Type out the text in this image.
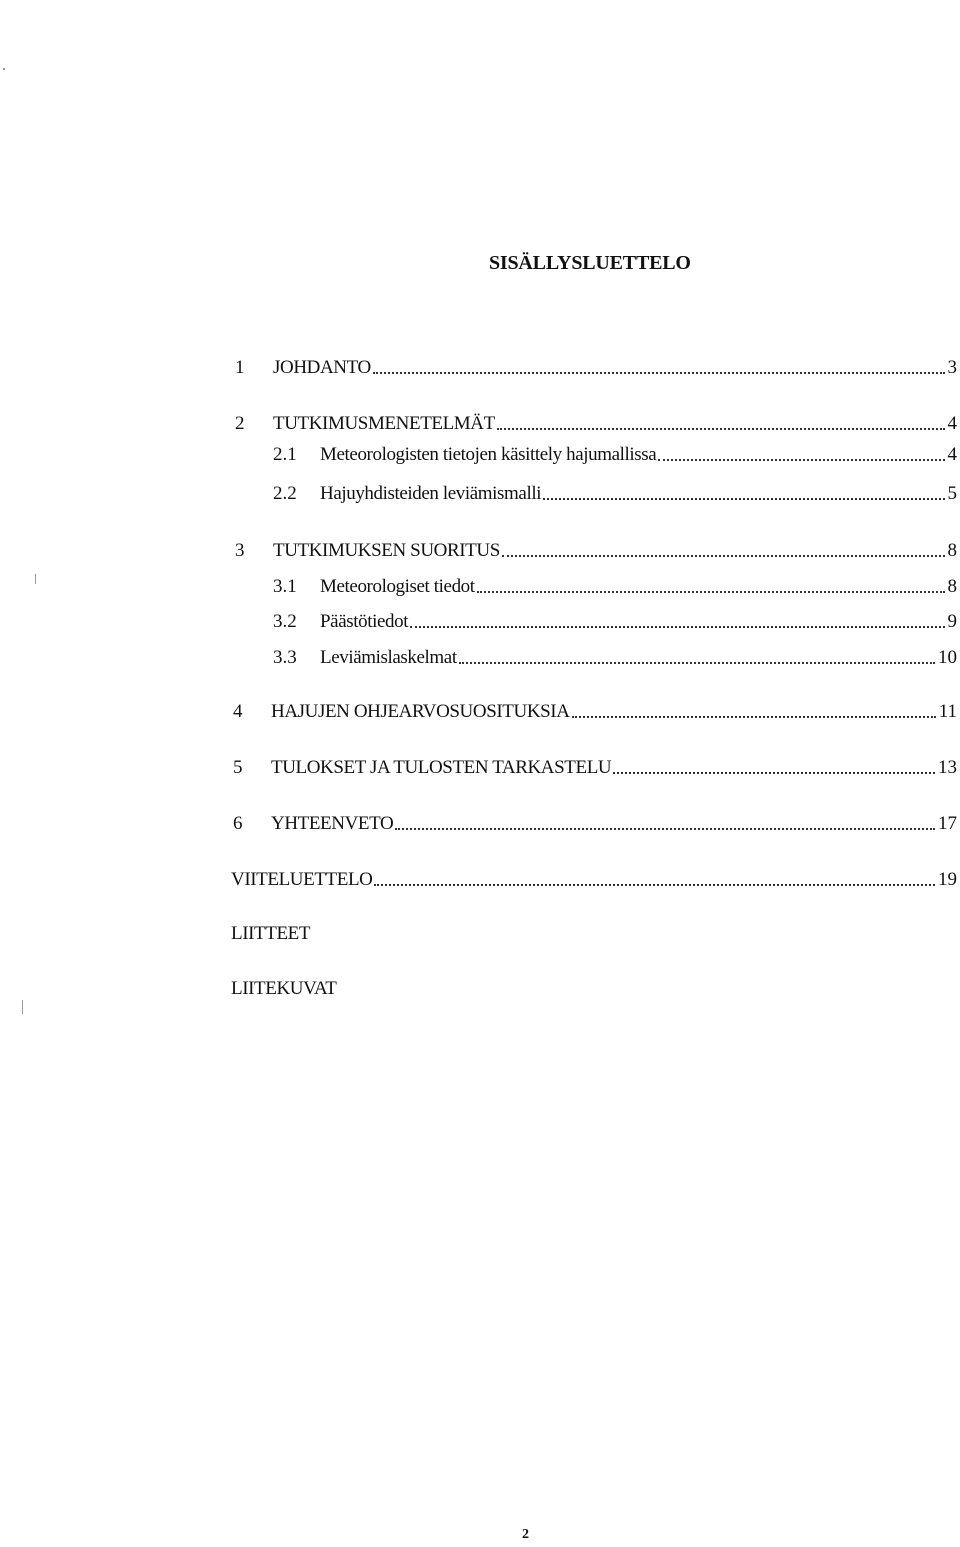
SISÄLLYSLUETTELO
1	JOHDANTO	3
2	TUTKIMUSMENETELMÄT	4
2.1	Meteorologisten tietojen käsittely hajumallissa	4
2.2	Hajuyhdisteiden leviämismalli	5
3	TUTKIMUKSEN SUORITUS	8
3.1	Meteorologiset tiedot	8
3.2	Päästötiedot	9
3.3	Leviämislaskelmat	10
4	HAJUJEN OHJEARVOSUOSITUKSIA	11
5	TULOKSET JA TULOSTEN TARKASTELU	13
6	YHTEENVETO	17
VIITELUETTELO	19
LIITTEET
LIITEKUVAT
2
